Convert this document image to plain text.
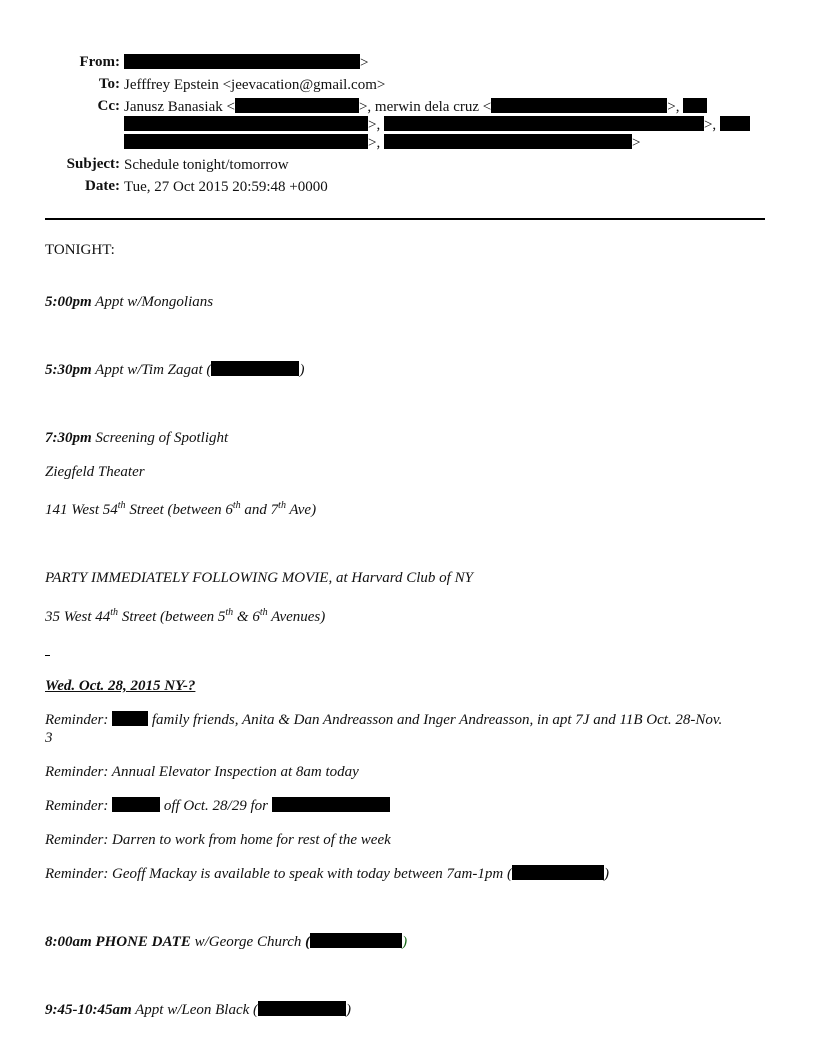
From:	>
To: Jefffrey Epstein <jeevacation@gmail.com>
Cc: Janusz Banasiak <	>, merwin dela cruz <	>,
>,	>,
>,	>
Subject: Schedule tonight/tomorrow
Date: Tue, 27 Oct 2015 20:59:48 +0000
TONIGHT:
5:00pm Appt w/Mongolians
5:30pm Appt w/Tim Zagat (	)
7:30pm Screening of Spotlight
Ziegfeld Theater
141 West 54th Street (between 6th and 7th Ave)
PARTY IMMEDIATELY FOLLOWING MOVIE, at Harvard Club of NY
35 West 44th Street (between 5th & 6th Avenues)
Wed. Oct. 28, 2015 NY-?
Reminder:  family friends, Anita & Dan Andreasson and Inger Andreasson, in apt 7J and 11B Oct. 28-Nov.
3
Reminder: Annual Elevator Inspection at 8am today
Reminder:	off Oct. 28/29 for
Reminder: Darren to work from home for rest of the week
Reminder: Geoff Mackay is available to speak with today between 7am-1pm (	)
8:00am PHONE DATE w/George Church (	)
9:45-10:45am Appt w/Leon Black (	)
